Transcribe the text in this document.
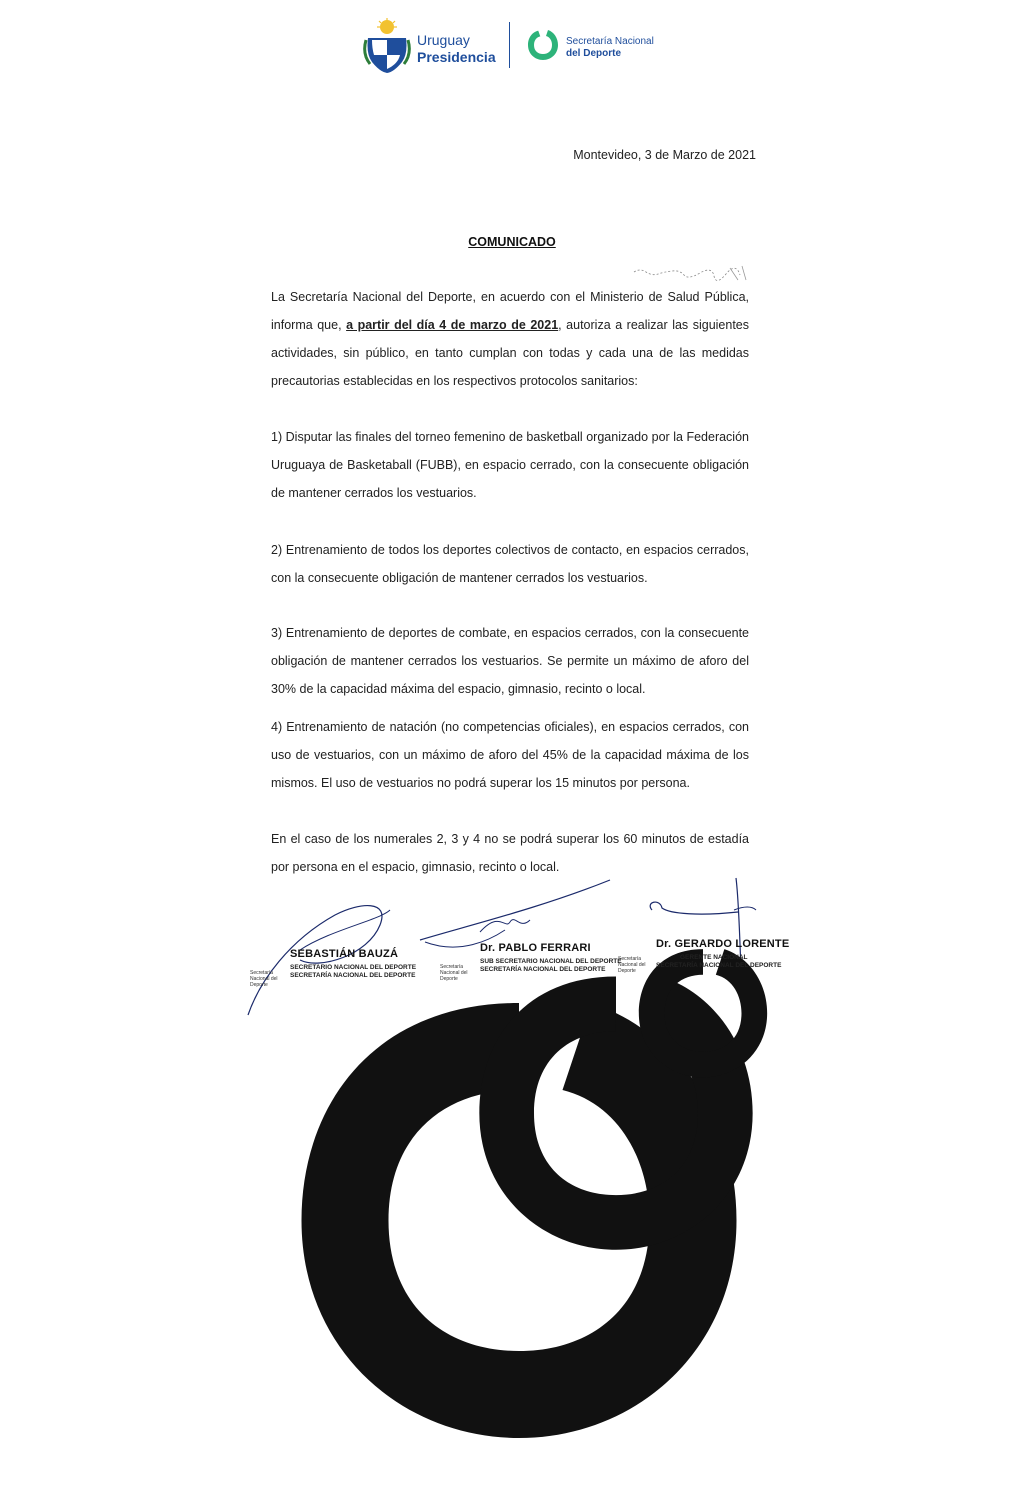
Uruguay
Presidencia
Secretaría Nacional
del Deporte
Montevideo, 3 de Marzo de 2021
COMUNICADO
La Secretaría Nacional del Deporte, en acuerdo con el Ministerio de Salud Pública, informa que, a partir del día 4 de marzo de 2021, autoriza a realizar las siguientes actividades, sin público, en tanto cumplan con todas y cada una de las medidas precautorias establecidas en los respectivos protocolos sanitarios:
1) Disputar las finales del torneo femenino de basketball organizado por la Federación Uruguaya de Basketaball (FUBB), en espacio cerrado, con la consecuente obligación de mantener cerrados los vestuarios.
2) Entrenamiento de todos los deportes colectivos de contacto, en espacios cerrados, con la consecuente obligación de mantener cerrados los vestuarios.
3) Entrenamiento de deportes de combate, en espacios cerrados, con la consecuente obligación de mantener cerrados los vestuarios. Se permite un máximo de aforo del 30% de la capacidad máxima del espacio, gimnasio, recinto o local.
4) Entrenamiento de natación (no competencias oficiales), en espacios cerrados, con uso de vestuarios, con un máximo de aforo del 45% de la capacidad máxima de los mismos. El uso de vestuarios no podrá superar los 15 minutos por persona.
En el caso de los numerales 2, 3 y 4 no se podrá superar los 60 minutos de estadía por persona en el espacio, gimnasio, recinto o local.
SEBASTIÁN BAUZÁ
SECRETARIO NACIONAL DEL DEPORTE
SECRETARÍA NACIONAL DEL DEPORTE
Secretaría Nacional del Deporte
Dr. PABLO FERRARI
SUB SECRETARIO NACIONAL DEL DEPORTE
SECRETARÍA NACIONAL DEL DEPORTE
Secretaría Nacional del Deporte
Dr. GERARDO LORENTE
GERENTE NACIONAL
SECRETARÍA NACIONAL DEL DEPORTE
Secretaría Nacional del Deporte
